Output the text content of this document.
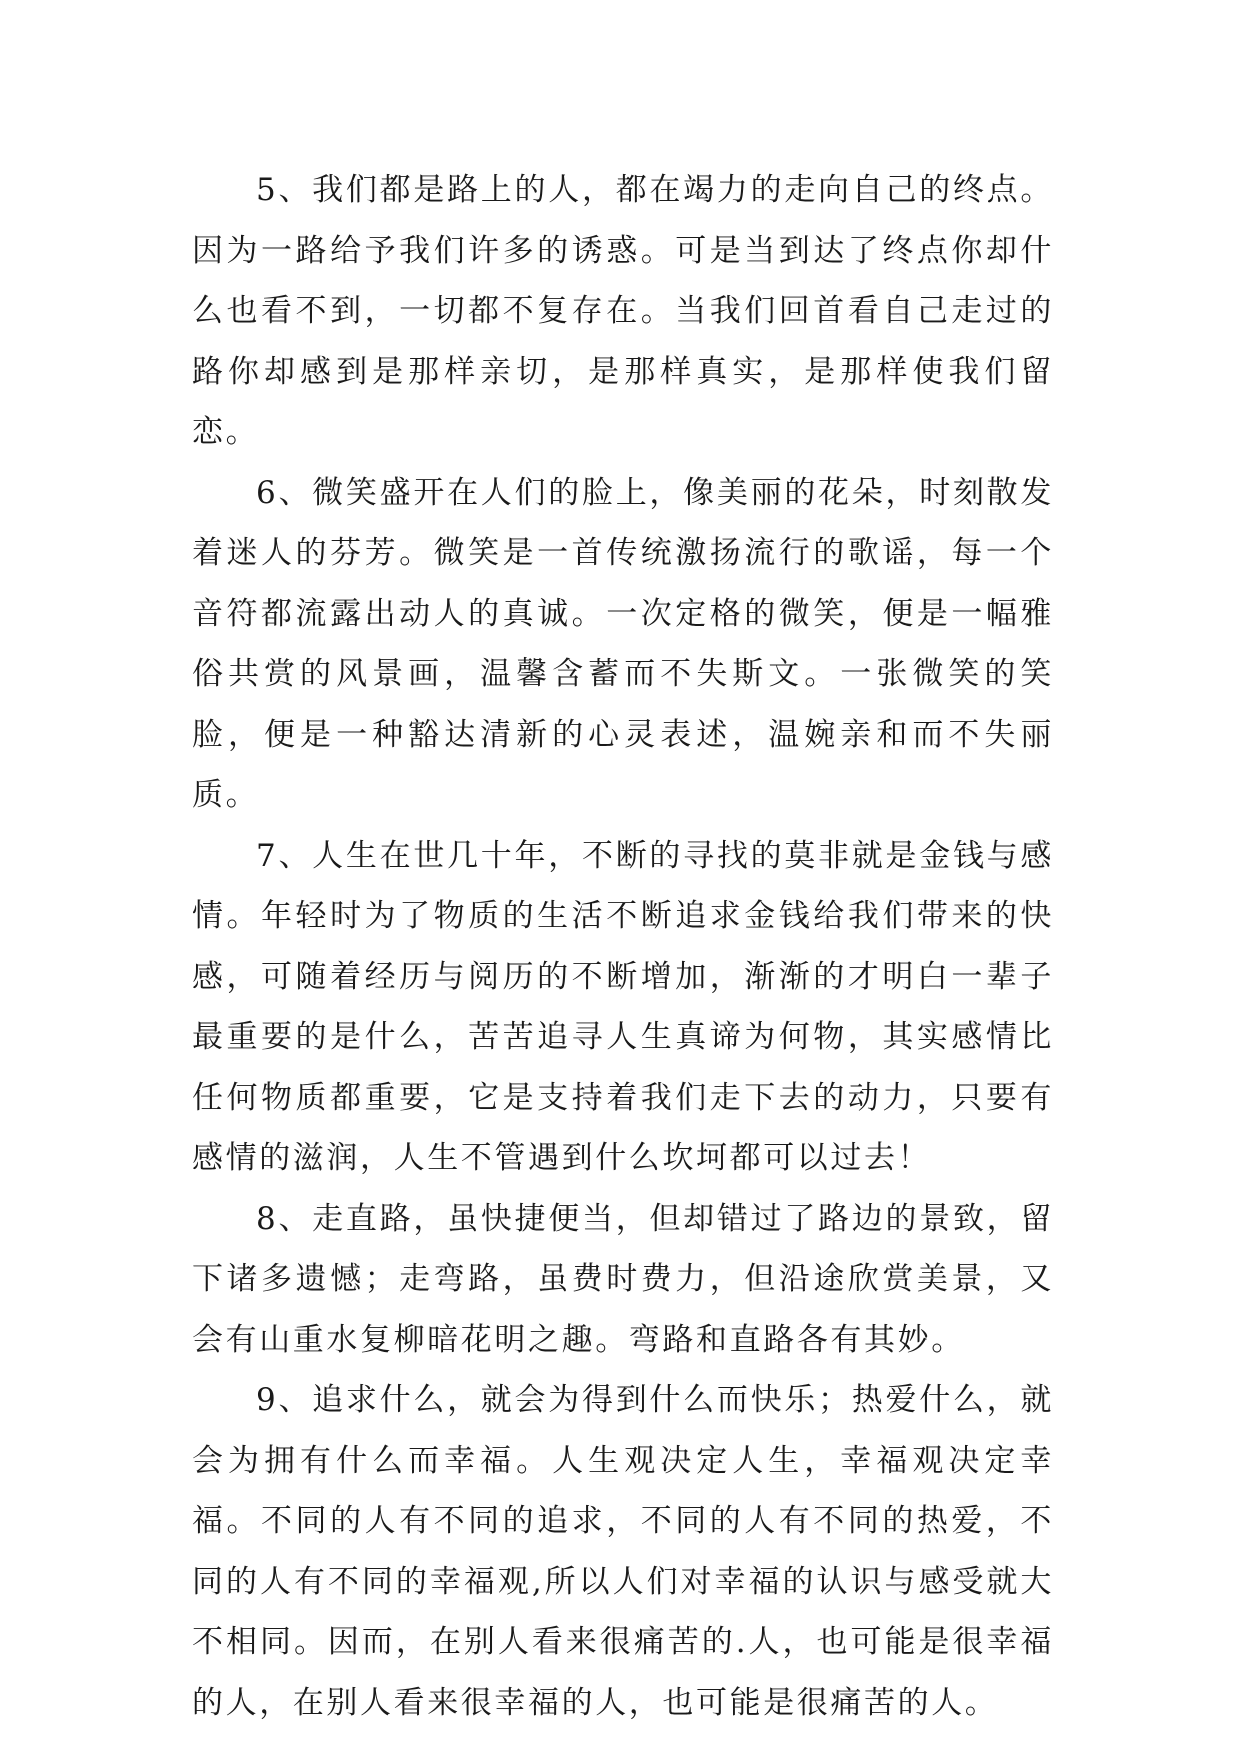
5、我们都是路上的人，都在竭力的走向自己的终点。因为一路给予我们许多的诱惑。可是当到达了终点你却什么也看不到，一切都不复存在。当我们回首看自己走过的路你却感到是那样亲切，是那样真实，是那样使我们留恋。

6、微笑盛开在人们的脸上，像美丽的花朵，时刻散发着迷人的芬芳。微笑是一首传统激扬流行的歌谣，每一个音符都流露出动人的真诚。一次定格的微笑，便是一幅雅俗共赏的风景画，温馨含蓄而不失斯文。一张微笑的笑脸，便是一种豁达清新的心灵表述，温婉亲和而不失丽质。

7、人生在世几十年，不断的寻找的莫非就是金钱与感情。年轻时为了物质的生活不断追求金钱给我们带来的快感，可随着经历与阅历的不断增加，渐渐的才明白一辈子最重要的是什么，苦苦追寻人生真谛为何物，其实感情比任何物质都重要，它是支持着我们走下去的动力，只要有感情的滋润，人生不管遇到什么坎坷都可以过去！

8、走直路，虽快捷便当，但却错过了路边的景致，留下诸多遗憾；走弯路，虽费时费力，但沿途欣赏美景，又会有山重水复柳暗花明之趣。弯路和直路各有其妙。

9、追求什么，就会为得到什么而快乐；热爱什么，就会为拥有什么而幸福。人生观决定人生，幸福观决定幸福。不同的人有不同的追求，不同的人有不同的热爱，不同的人有不同的幸福观,所以人们对幸福的认识与感受就大不相同。因而，在别人看来很痛苦的.人，也可能是很幸福的人，在别人看来很幸福的人，也可能是很痛苦的人。
